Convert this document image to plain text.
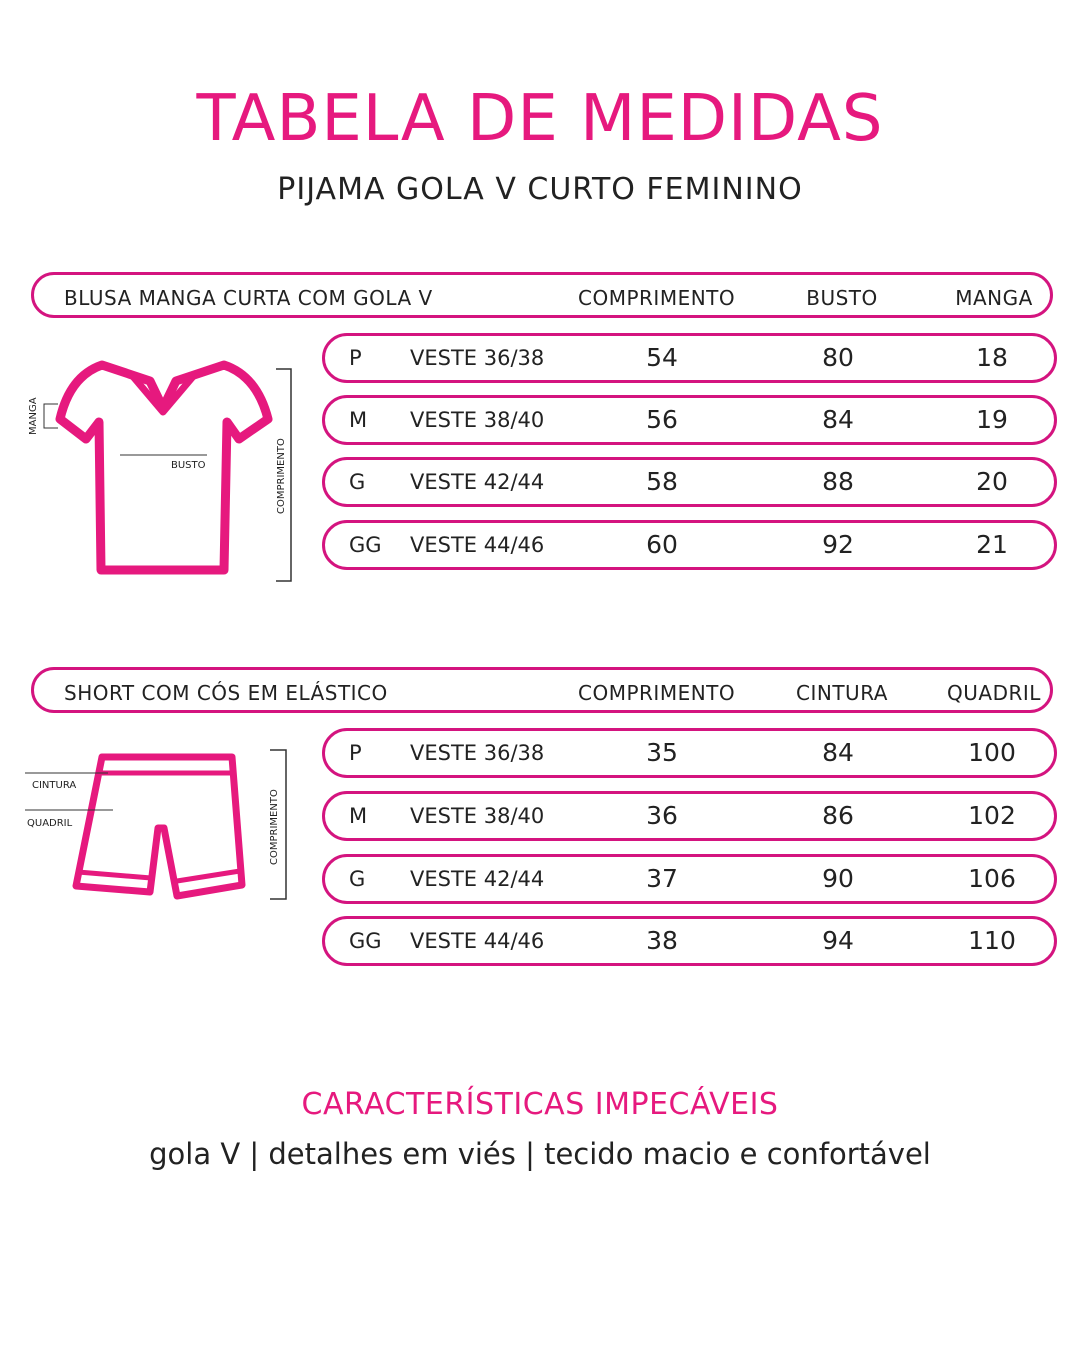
TABELA DE MEDIDAS
PIJAMA GOLA V CURTO FEMININO
BLUSA MANGA CURTA COM GOLA V	COMPRIMENTO	BUSTO	MANGA
BUSTO
MANGA
COMPRIMENTO
P VESTE 36/38	54	80	18
M VESTE 38/40	56	84	19
G VESTE 42/44	58	88	20
GG VESTE 44/46	60	92	21
SHORT COM CÓS EM ELÁSTICO	COMPRIMENTO	CINTURA	QUADRIL
CINTURA
QUADRIL	COMPRIMENTO
P VESTE 36/38	35	84	100
M VESTE 38/40	36	86	102
G VESTE 42/44	37	90	106
GG VESTE 44/46	38	94	110
CARACTERÍSTICAS IMPECÁVEIS
gola V | detalhes em viés | tecido macio e confortável
